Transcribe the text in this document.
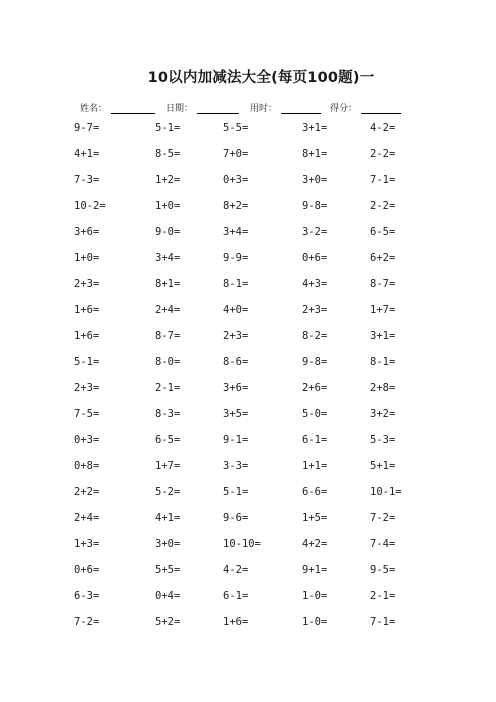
10以内加减法大全(每页100题)一
姓名：	日期：	用时：	得分：
9-7=	5-1=	5-5=	3+1=	4-2=
4+1=	8-5=	7+0=	8+1=	2-2=
7-3=	1+2=	0+3=	3+0=	7-1=
10-2=	1+0=	8+2=	9-8=	2-2=
3+6=	9-0=	3+4=	3-2=	6-5=
1+0=	3+4=	9-9=	0+6=	6+2=
2+3=	8+1=	8-1=	4+3=	8-7=
1+6=	2+4=	4+0=	2+3=	1+7=
1+6=	8-7=	2+3=	8-2=	3+1=
5-1=	8-0=	8-6=	9-8=	8-1=
2+3=	2-1=	3+6=	2+6=	2+8=
7-5=	8-3=	3+5=	5-0=	3+2=
0+3=	6-5=	9-1=	6-1=	5-3=
0+8=	1+7=	3-3=	1+1=	5+1=
2+2=	5-2=	5-1=	6-6=	10-1=
2+4=	4+1=	9-6=	1+5=	7-2=
1+3=	3+0=	10-10=	4+2=	7-4=
0+6=	5+5=	4-2=	9+1=	9-5=
6-3=	0+4=	6-1=	1-0=	2-1=
7-2=	5+2=	1+6=	1-0=	7-1=
